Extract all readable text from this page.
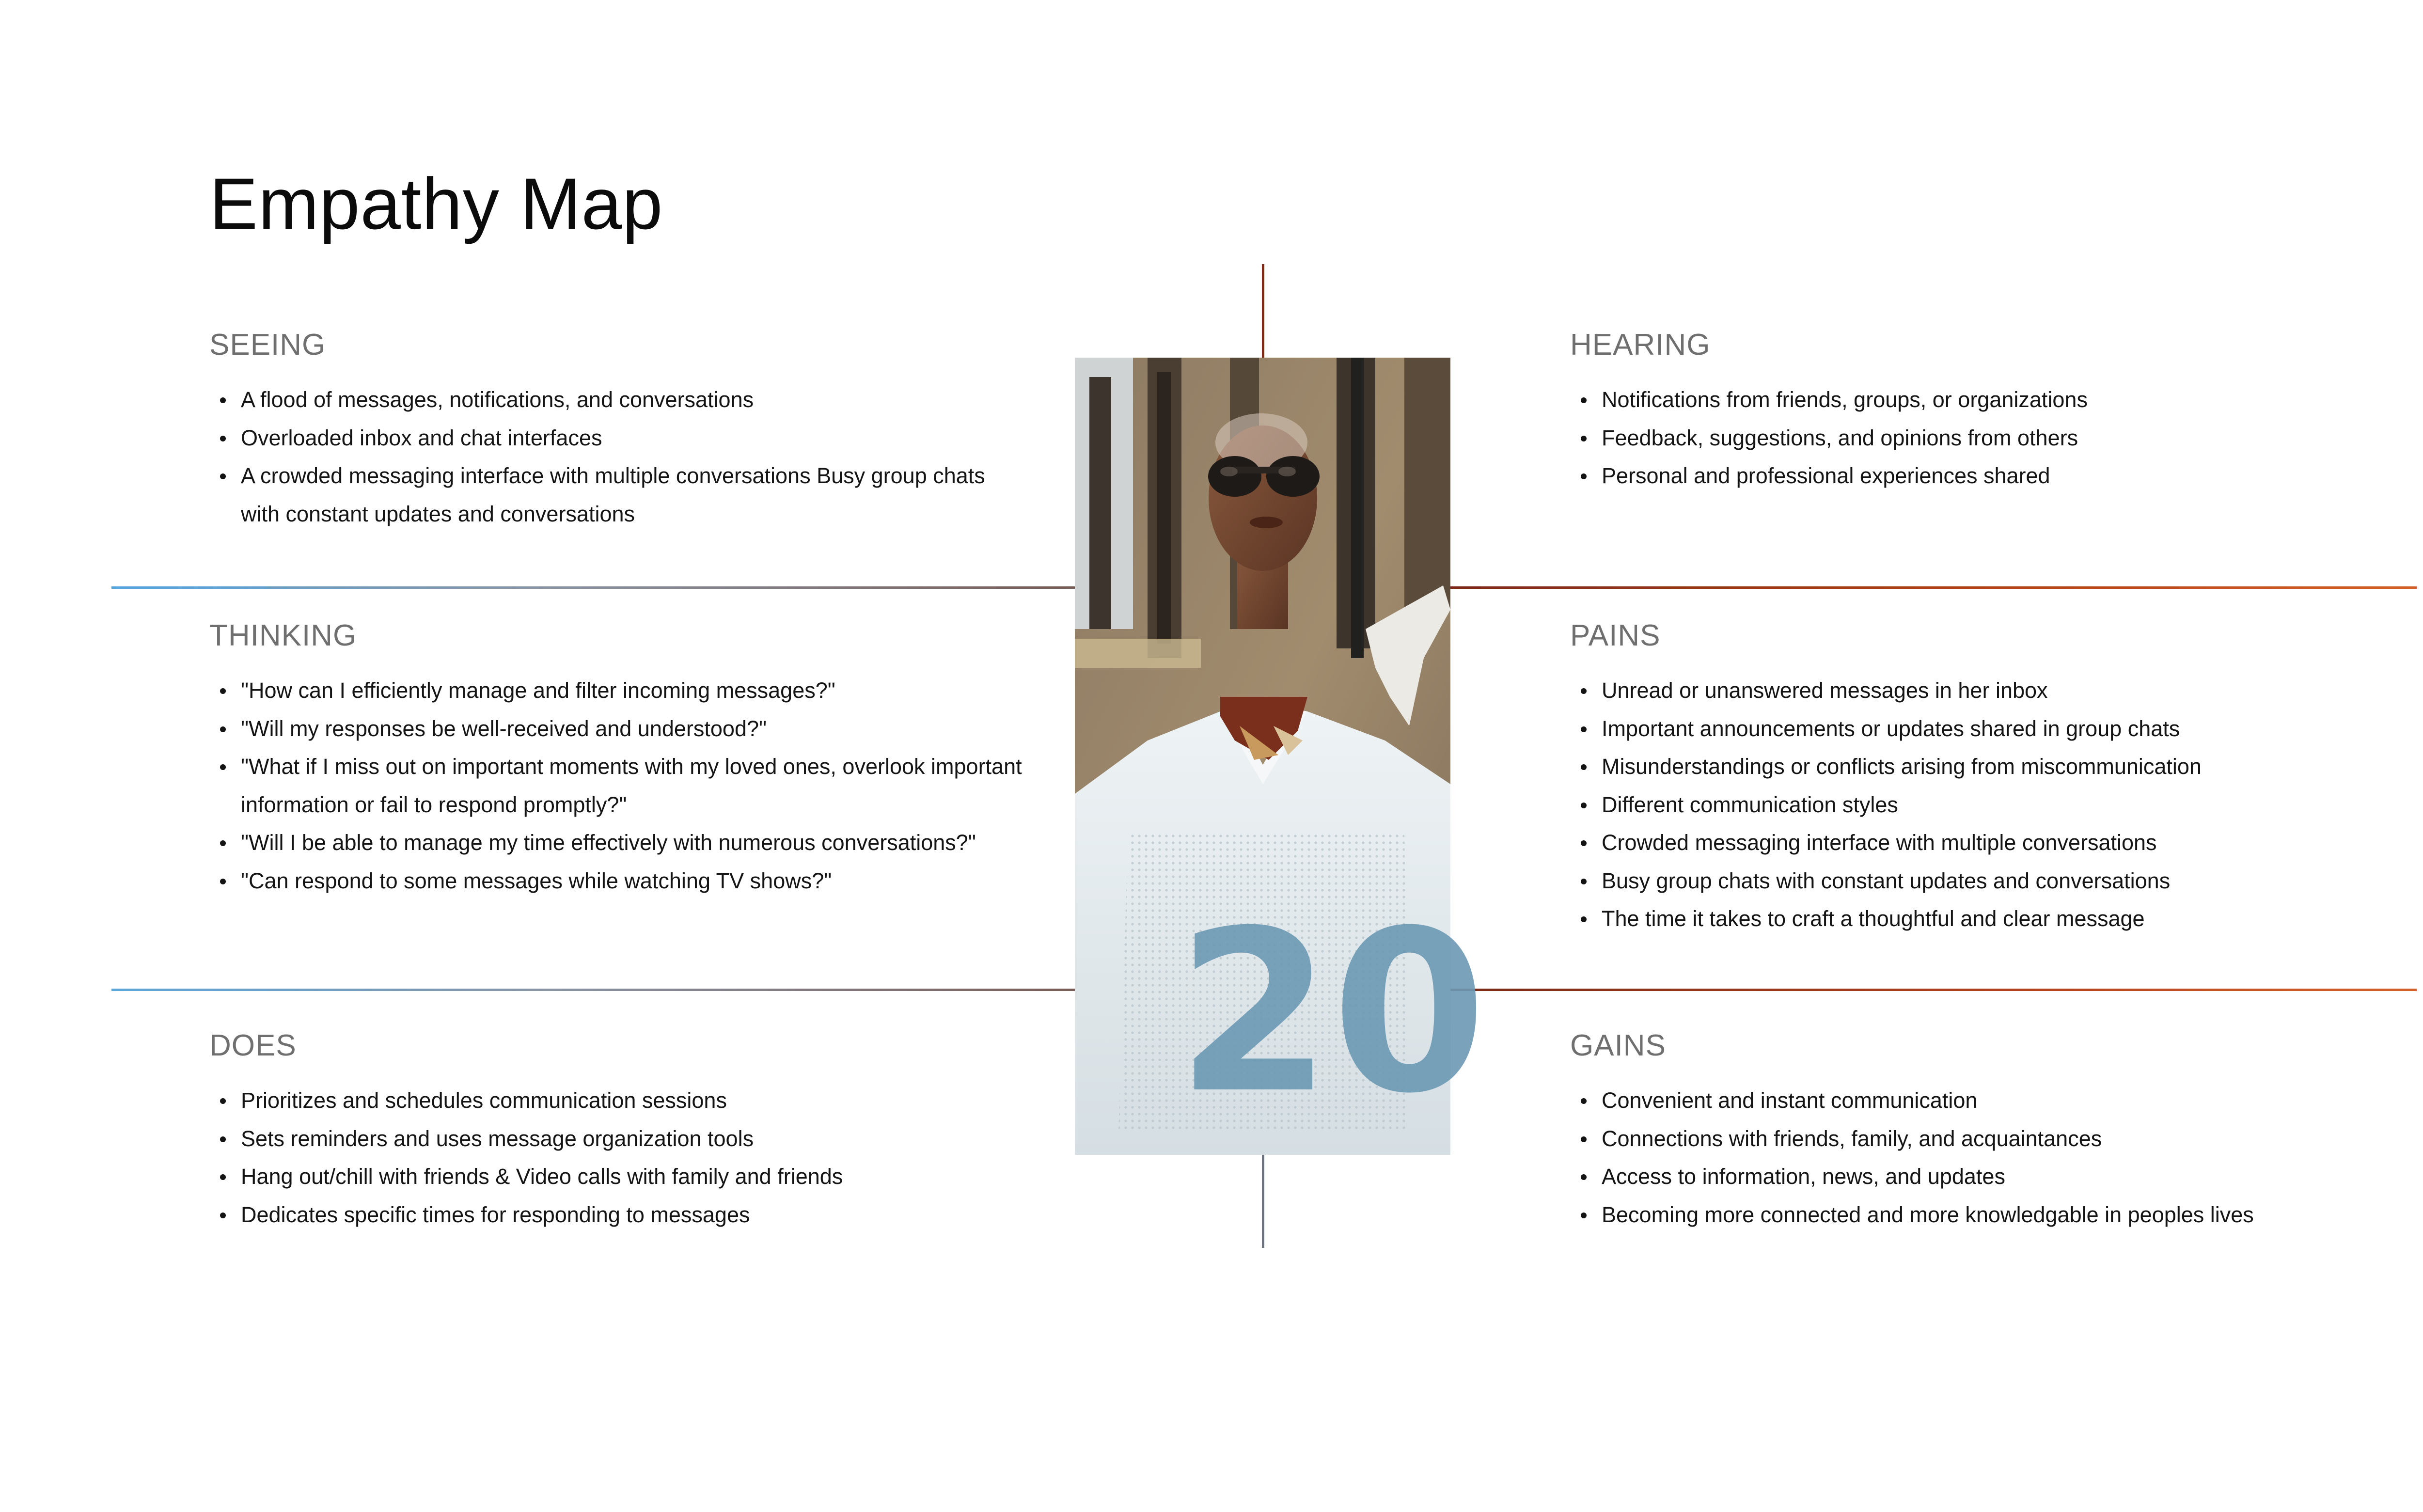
Empathy Map
SEEING
A flood of messages, notifications, and conversations
Overloaded inbox and chat interfaces
A crowded messaging interface with multiple conversations Busy group chats with constant updates and conversations
HEARING
Notifications from friends, groups, or organizations
Feedback, suggestions, and opinions from others
Personal and professional experiences shared
THINKING
"How can I efficiently manage and filter incoming messages?"
"Will my responses be well-received and understood?"
"What if I miss out on important moments with my loved ones, overlook important information or fail to respond promptly?"
"Will I be able to manage my time effectively with numerous conversations?"
"Can respond to some messages while watching TV shows?"
PAINS
Unread or unanswered messages in her inbox
Important announcements or updates shared in group chats
Misunderstandings or conflicts arising from miscommunication
Different communication styles
Crowded messaging interface with multiple conversations
Busy group chats with constant updates and conversations
The time it takes to craft a thoughtful and clear message
DOES
Prioritizes and schedules communication sessions
Sets reminders and uses message organization tools
Hang out/chill with friends & Video calls with family and friends
Dedicates specific times for responding to messages
GAINS
Convenient and instant communication
Connections with friends, family, and acquaintances
Access to information, news, and updates
Becoming more connected and more knowledgable in peoples lives
20
